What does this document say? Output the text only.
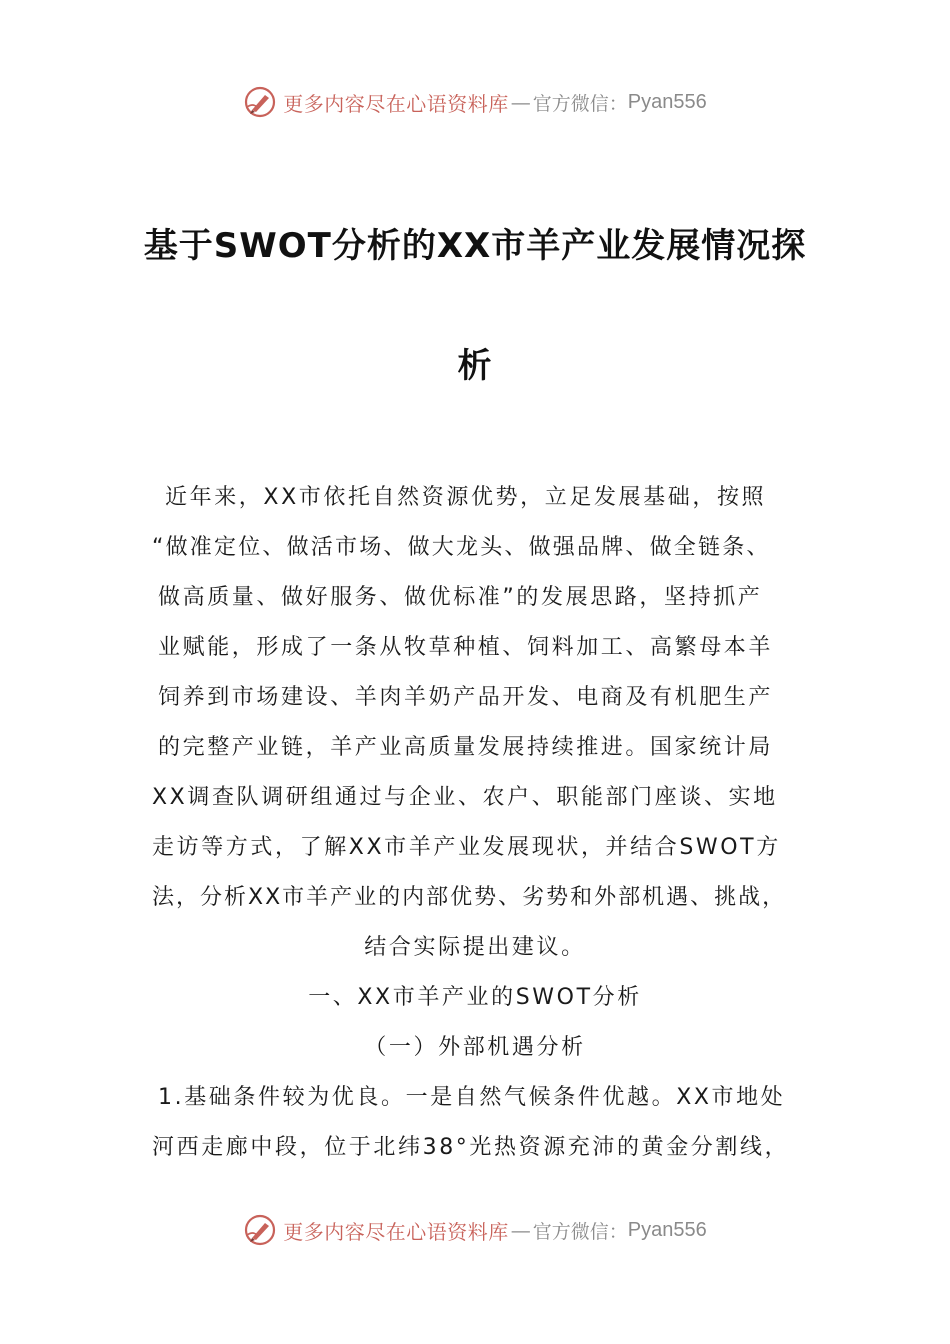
更多内容尽在心语资料库 — 官方微信： Pyan556
基于SWOT分析的XX市羊产业发展情况探
析
近年来，XX市依托自然资源优势，立足发展基础，按照
“做准定位、做活市场、做大龙头、做强品牌、做全链条、
做高质量、做好服务、做优标准”的发展思路，坚持抓产
业赋能，形成了一条从牧草种植、饲料加工、高繁母本羊
饲养到市场建设、羊肉羊奶产品开发、电商及有机肥生产
的完整产业链，羊产业高质量发展持续推进。国家统计局
XX调查队调研组通过与企业、农户、职能部门座谈、实地
走访等方式，了解XX市羊产业发展现状，并结合SWOT方
法，分析XX市羊产业的内部优势、劣势和外部机遇、挑战，
结合实际提出建议。
一、XX市羊产业的SWOT分析
（一）外部机遇分析
1.基础条件较为优良。一是自然气候条件优越。XX市地处
河西走廊中段，位于北纬38°光热资源充沛的黄金分割线，
更多内容尽在心语资料库 — 官方微信： Pyan556
